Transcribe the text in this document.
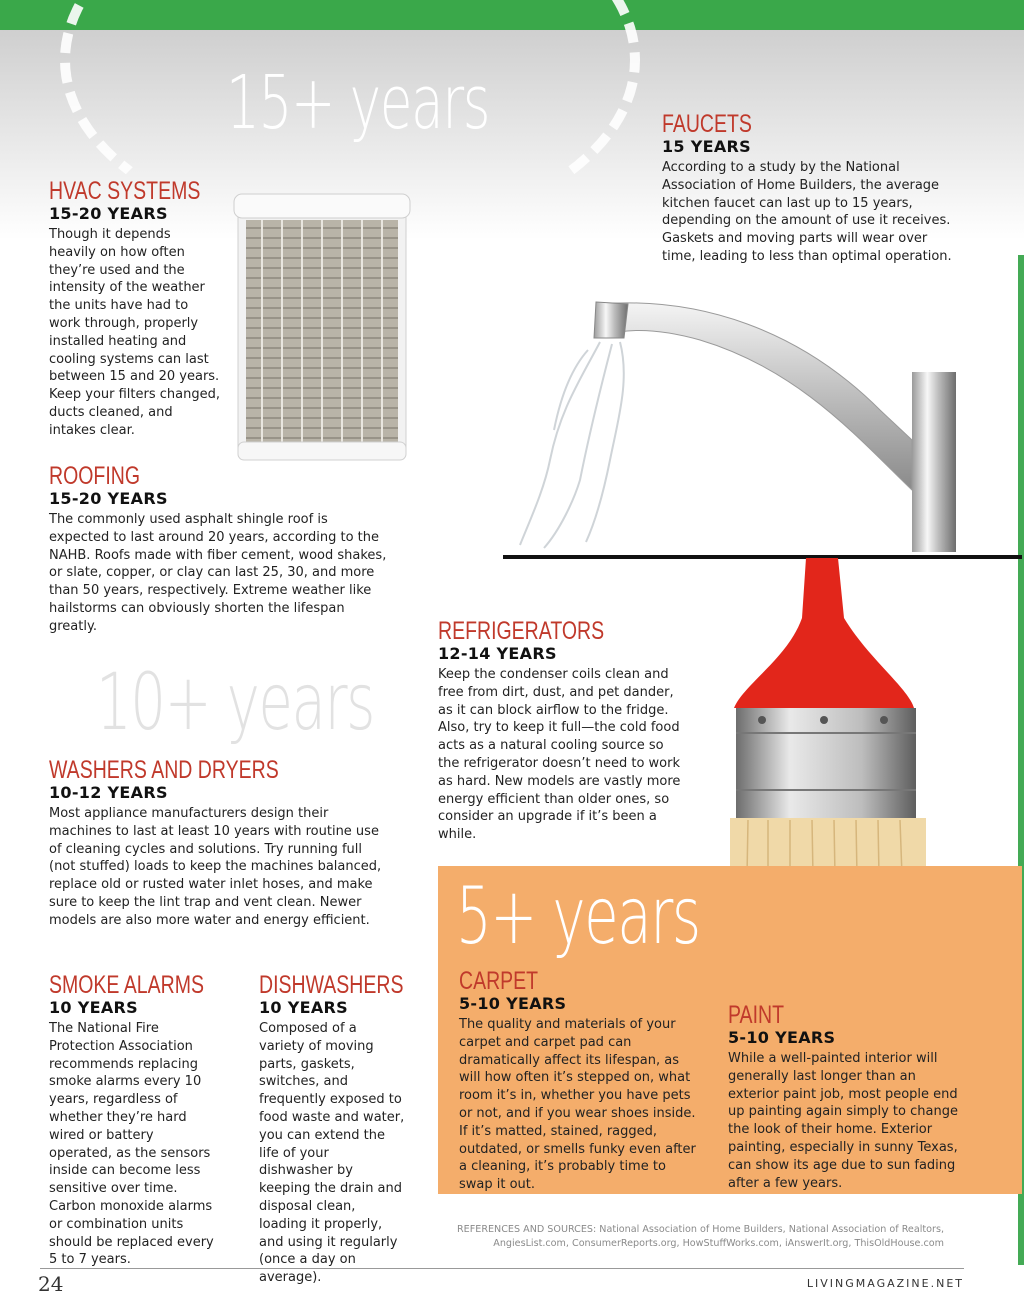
15+ years
5+ years
10+ years
HVAC SYSTEMS
15-20 YEARS
Though it depends heavily on how often they’re used and the intensity of the weather the units have had to work through, properly installed heating and cooling systems can last between 15 and 20 years. Keep your filters changed, ducts cleaned, and intakes clear.
FAUCETS
15 YEARS
According to a study by the National Association of Home Builders, the average kitchen faucet can last up to 15 years, depending on the amount of use it receives. Gaskets and moving parts will wear over time, leading to less than optimal operation.
ROOFING
15-20 YEARS
The commonly used asphalt shingle roof is expected to last around 20 years, according to the NAHB. Roofs made with fiber cement, wood shakes, or slate, copper, or clay can last 25, 30, and more than 50 years, respectively. Extreme weather like hailstorms can obviously shorten the lifespan greatly.	REFRIGERATORS
12-14 YEARS
Keep the condenser coils clean and free from dirt, dust, and pet dander, as it can block airflow to the fridge. Also, try to keep it full—the cold food acts as a natural cooling source so the refrigerator doesn’t need to work as hard. New models are vastly more energy efficient than older ones, so consider an upgrade if it’s been a while.
WASHERS AND DRYERS
10-12 YEARS
Most appliance manufacturers design their machines to last at least 10 years with routine use of cleaning cycles and solutions. Try running full (not stuffed) loads to keep the machines balanced, replace old or rusted water inlet hoses, and make sure to keep the lint trap and vent clean. Newer models are also more water and energy efficient.
SMOKE ALARMS
10 YEARS
The National Fire Protection Association recommends replacing smoke alarms every 10 years, regardless of whether they’re hard wired or battery operated, as the sensors inside can become less sensitive over time. Carbon monoxide alarms or combination units should be replaced every 5 to 7 years.
DISHWASHERS
10 YEARS
Composed of a variety of moving parts, gaskets, switches, and frequently exposed to food waste and water, you can extend the life of your dishwasher by keeping the drain and disposal clean, loading it properly, and using it regularly (once a day on average).
CARPET
5-10 YEARS
The quality and materials of your carpet and carpet pad can dramatically affect its lifespan, as will how often it’s stepped on, what room it’s in, whether you have pets or not, and if you wear shoes inside. If it’s matted, stained, ragged, outdated, or smells funky even after a cleaning, it’s probably time to swap it out.
PAINT
5-10 YEARS
While a well-painted interior will generally last longer than an exterior paint job, most people end up painting again simply to change the look of their home. Exterior painting, especially in sunny Texas, can show its age due to sun fading after a few years.
REFERENCES AND SOURCES: National Association of Home Builders, National Association of Realtors,
AngiesList.com, ConsumerReports.org, HowStuffWorks.com, iAnswerIt.org, ThisOldHouse.com
24	LIVINGMAGAZINE.NET
